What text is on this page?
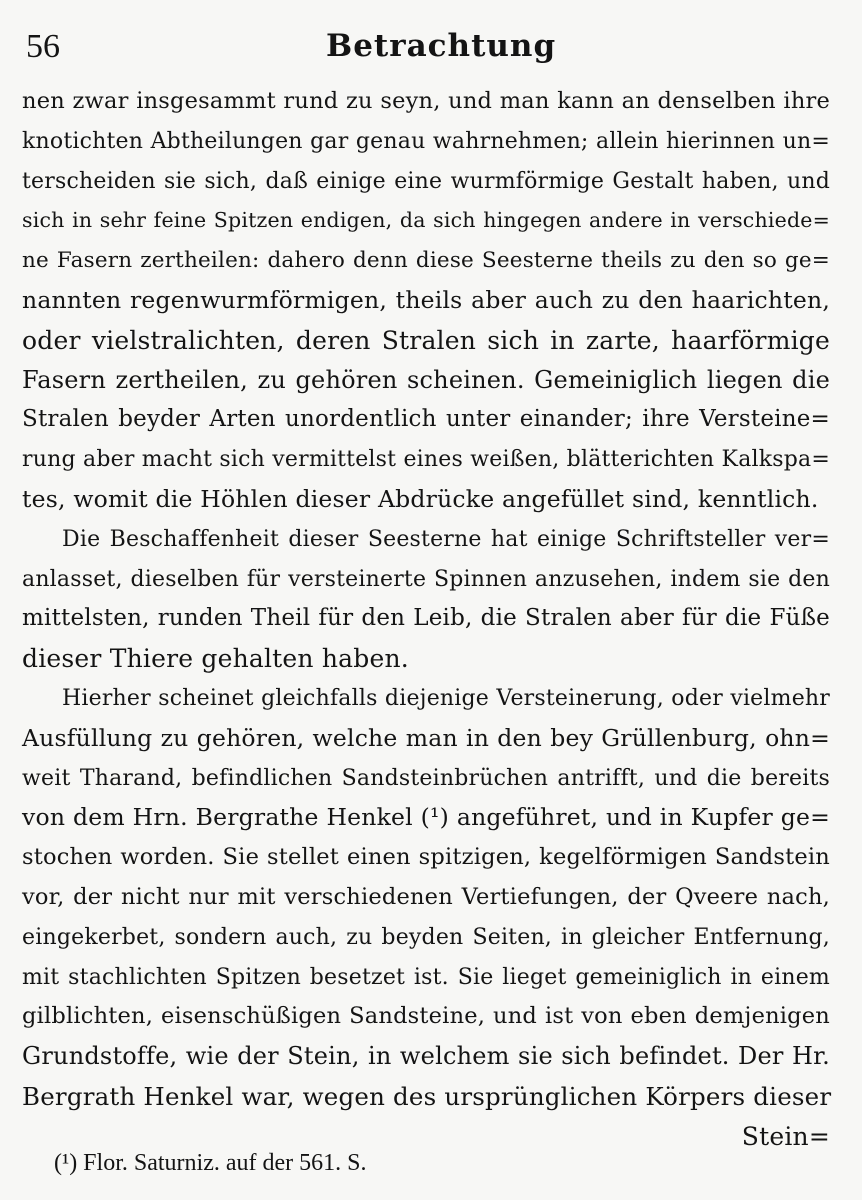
56	Betrachtung
nen zwar insgesammt rund zu seyn, und man kann an denselben ihre
knotichten Abtheilungen gar genau wahrnehmen; allein hierinnen un=
terscheiden sie sich, daß einige eine wurmförmige Gestalt haben, und
sich in sehr feine Spitzen endigen, da sich hingegen andere in verschiede=
ne Fasern zertheilen: dahero denn diese Seesterne theils zu den so ge=
nannten regenwurmförmigen, theils aber auch zu den haarichten,
oder vielstralichten, deren Stralen sich in zarte, haarförmige
Fasern zertheilen, zu gehören scheinen. Gemeiniglich liegen die
Stralen beyder Arten unordentlich unter einander; ihre Versteine=
rung aber macht sich vermittelst eines weißen, blätterichten Kalkspa=
tes, womit die Höhlen dieser Abdrücke angefüllet sind, kenntlich.
Die Beschaffenheit dieser Seesterne hat einige Schriftsteller ver=
anlasset, dieselben für versteinerte Spinnen anzusehen, indem sie den
mittelsten, runden Theil für den Leib, die Stralen aber für die Füße
dieser Thiere gehalten haben.
Hierher scheinet gleichfalls diejenige Versteinerung, oder vielmehr
Ausfüllung zu gehören, welche man in den bey Grüllenburg, ohn=
weit Tharand, befindlichen Sandsteinbrüchen antrifft, und die bereits
von dem Hrn. Bergrathe Henkel (¹) angeführet, und in Kupfer ge=
stochen worden. Sie stellet einen spitzigen, kegelförmigen Sandstein
vor, der nicht nur mit verschiedenen Vertiefungen, der Qveere nach,
eingekerbet, sondern auch, zu beyden Seiten, in gleicher Entfernung,
mit stachlichten Spitzen besetzet ist. Sie lieget gemeiniglich in einem
gilblichten, eisenschüßigen Sandsteine, und ist von eben demjenigen
Grundstoffe, wie der Stein, in welchem sie sich befindet. Der Hr.
Bergrath Henkel war, wegen des ursprünglichen Körpers dieser
Stein=
(¹) Flor. Saturniz. auf der 561. S.
